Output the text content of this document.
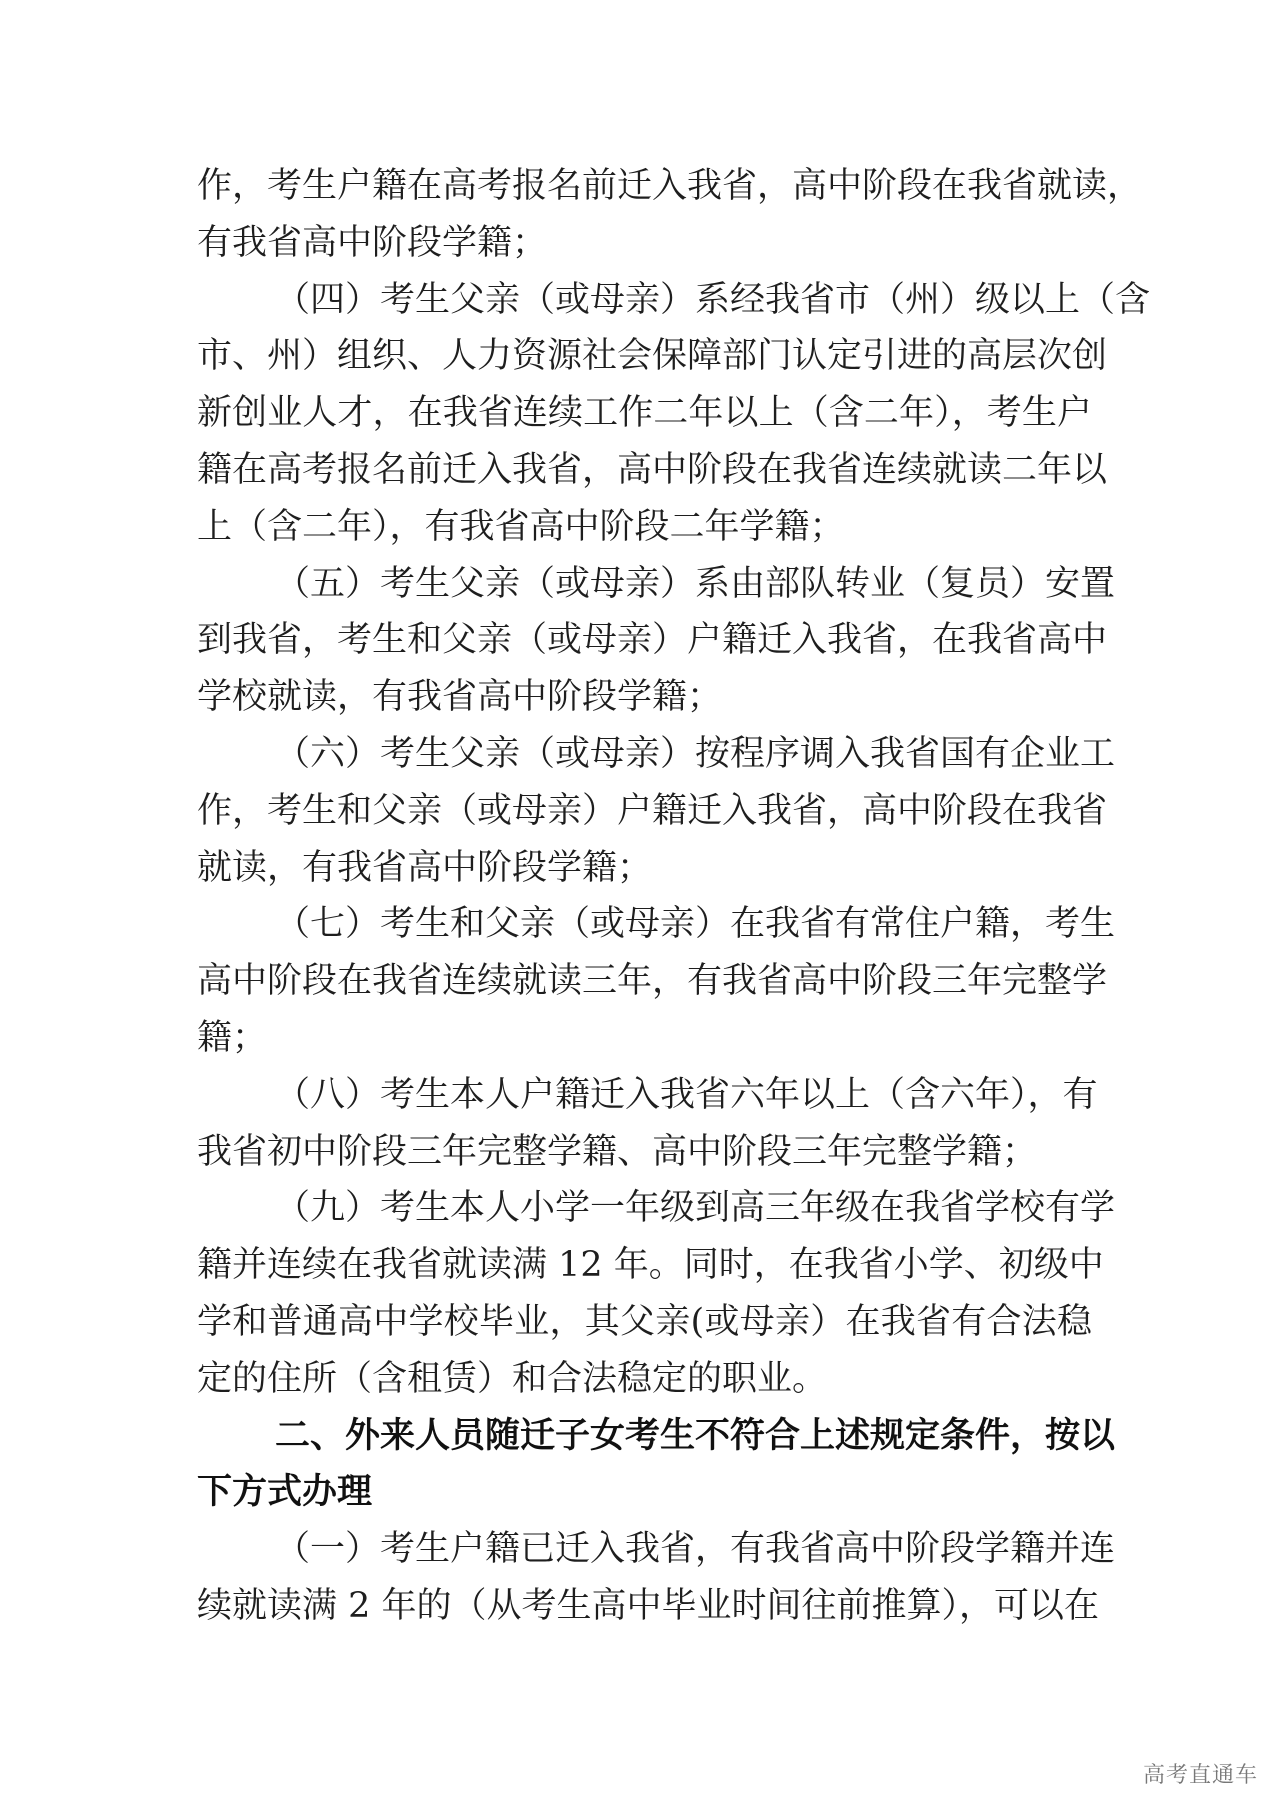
作，考生户籍在高考报名前迁入我省，高中阶段在我省就读，
有我省高中阶段学籍；
（四）考生父亲（或母亲）系经我省市（州）级以上（含
市、州）组织、人力资源社会保障部门认定引进的高层次创
新创业人才，在我省连续工作二年以上（含二年），考生户
籍在高考报名前迁入我省，高中阶段在我省连续就读二年以
上（含二年），有我省高中阶段二年学籍；
（五）考生父亲（或母亲）系由部队转业（复员）安置
到我省，考生和父亲（或母亲）户籍迁入我省，在我省高中
学校就读，有我省高中阶段学籍；
（六）考生父亲（或母亲）按程序调入我省国有企业工
作，考生和父亲（或母亲）户籍迁入我省，高中阶段在我省
就读，有我省高中阶段学籍；
（七）考生和父亲（或母亲）在我省有常住户籍，考生
高中阶段在我省连续就读三年，有我省高中阶段三年完整学
籍；
（八）考生本人户籍迁入我省六年以上（含六年），有
我省初中阶段三年完整学籍、高中阶段三年完整学籍；
（九）考生本人小学一年级到高三年级在我省学校有学
籍并连续在我省就读满 12 年。同时，在我省小学、初级中
学和普通高中学校毕业，其父亲(或母亲）在我省有合法稳
定的住所（含租赁）和合法稳定的职业。
二、外来人员随迁子女考生不符合上述规定条件，按以
下方式办理
（一）考生户籍已迁入我省，有我省高中阶段学籍并连
续就读满 2 年的（从考生高中毕业时间往前推算），可以在
高考直通车
